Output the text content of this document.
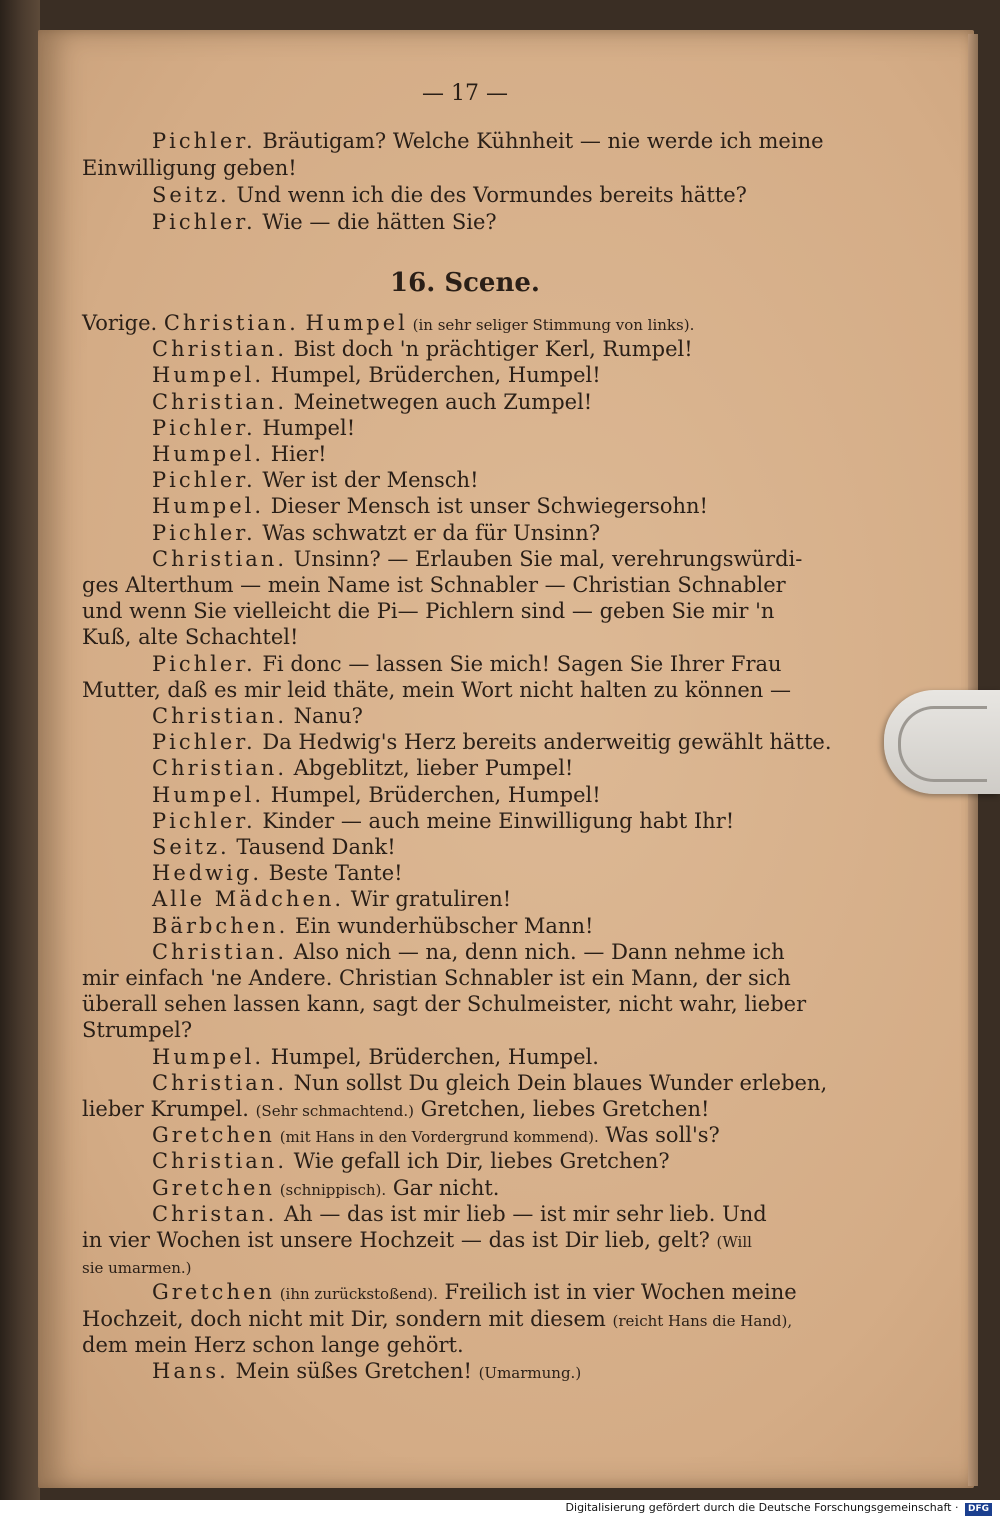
— 17 —
Pichler. Bräutigam? Welche Kühnheit — nie werde ich meine
Einwilligung geben!
Seitz. Und wenn ich die des Vormundes bereits hätte?
Pichler. Wie — die hätten Sie?
16. Scene.
Vorige. Christian. Humpel (in sehr seliger Stimmung von links).
Christian. Bist doch 'n prächtiger Kerl, Rumpel!
Humpel. Humpel, Brüderchen, Humpel!
Christian. Meinetwegen auch Zumpel!
Pichler. Humpel!
Humpel. Hier!
Pichler. Wer ist der Mensch!
Humpel. Dieser Mensch ist unser Schwiegersohn!
Pichler. Was schwatzt er da für Unsinn?
Christian. Unsinn? — Erlauben Sie mal, verehrungswürdi-
ges Alterthum — mein Name ist Schnabler — Christian Schnabler
und wenn Sie vielleicht die Pi— Pichlern sind — geben Sie mir 'n
Kuß, alte Schachtel!
Pichler. Fi donc — lassen Sie mich! Sagen Sie Ihrer Frau
Mutter, daß es mir leid thäte, mein Wort nicht halten zu können —
Christian. Nanu?
Pichler. Da Hedwig's Herz bereits anderweitig gewählt hätte.
Christian. Abgeblitzt, lieber Pumpel!
Humpel. Humpel, Brüderchen, Humpel!
Pichler. Kinder — auch meine Einwilligung habt Ihr!
Seitz. Tausend Dank!
Hedwig. Beste Tante!
Alle Mädchen. Wir gratuliren!
Bärbchen. Ein wunderhübscher Mann!
Christian. Also nich — na, denn nich. — Dann nehme ich
mir einfach 'ne Andere. Christian Schnabler ist ein Mann, der sich
überall sehen lassen kann, sagt der Schulmeister, nicht wahr, lieber
Strumpel?
Humpel. Humpel, Brüderchen, Humpel.
Christian. Nun sollst Du gleich Dein blaues Wunder erleben,
lieber Krumpel. (Sehr schmachtend.) Gretchen, liebes Gretchen!
Gretchen (mit Hans in den Vordergrund kommend). Was soll's?
Christian. Wie gefall ich Dir, liebes Gretchen?
Gretchen (schnippisch). Gar nicht.
Christan. Ah — das ist mir lieb — ist mir sehr lieb. Und
in vier Wochen ist unsere Hochzeit — das ist Dir lieb, gelt? (Will
sie umarmen.)
Gretchen (ihn zurückstoßend). Freilich ist in vier Wochen meine
Hochzeit, doch nicht mit Dir, sondern mit diesem (reicht Hans die Hand),
dem mein Herz schon lange gehört.
Hans. Mein süßes Gretchen! (Umarmung.)
Digitalisierung gefördert durch die Deutsche Forschungsgemeinschaft · DFG
